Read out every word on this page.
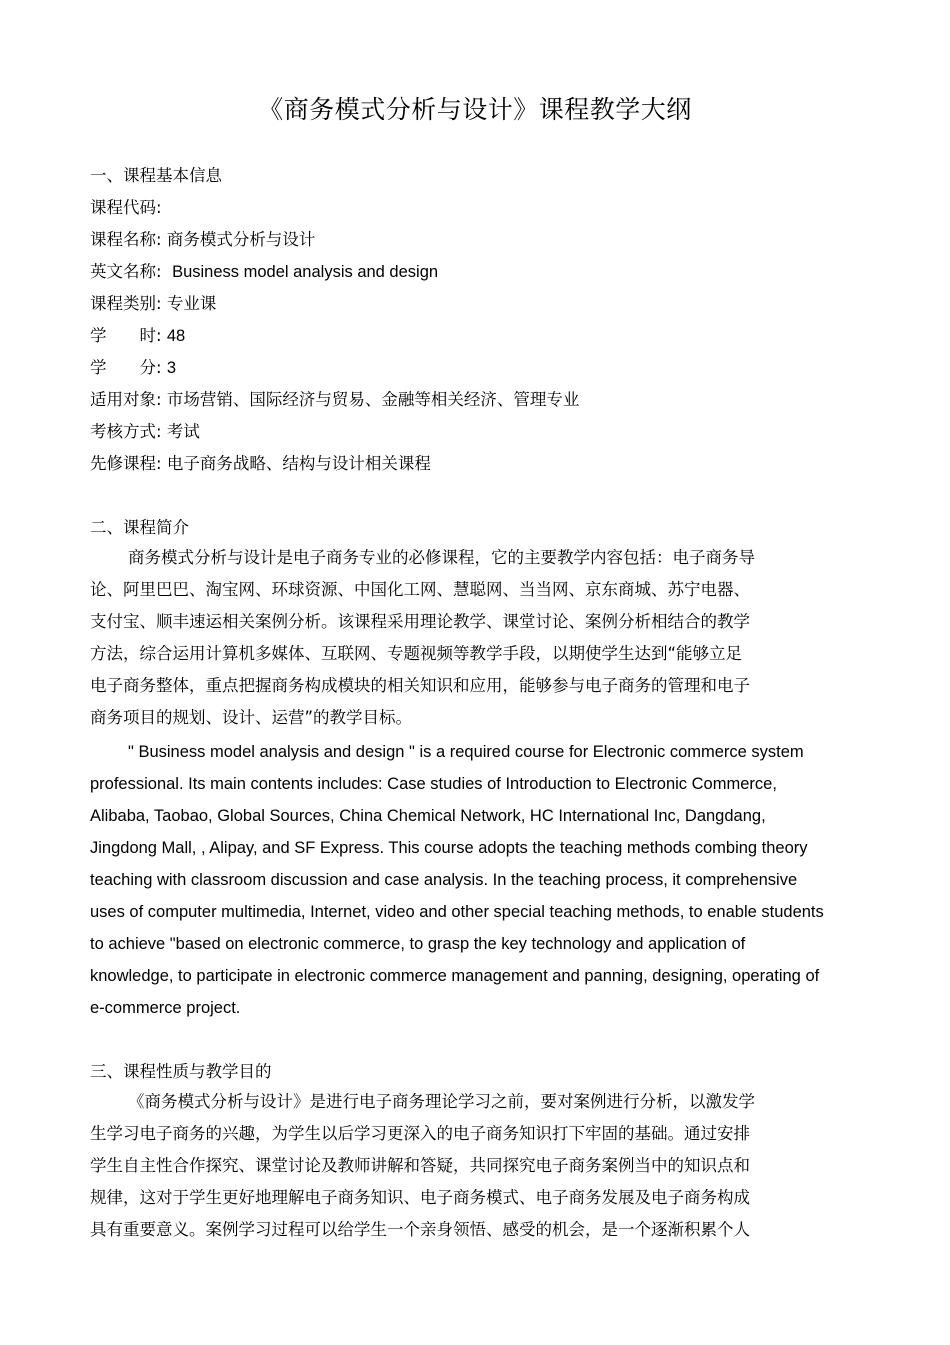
《商务模式分析与设计》课程教学大纲
一、课程基本信息
课程代码:
课程名称: 商务模式分析与设计
英文名称: Business model analysis and design
课程类别: 专业课
学　　时: 48
学　　分: 3
适用对象: 市场营销、国际经济与贸易、金融等相关经济、管理专业
考核方式: 考试
先修课程: 电子商务战略、结构与设计相关课程
二、课程简介
商务模式分析与设计是电子商务专业的必修课程，它的主要教学内容包括：电子商务导
论、阿里巴巴、淘宝网、环球资源、中国化工网、慧聪网、当当网、京东商城、苏宁电器、
支付宝、顺丰速运相关案例分析。该课程采用理论教学、课堂讨论、案例分析相结合的教学
方法，综合运用计算机多媒体、互联网、专题视频等教学手段，以期使学生达到“能够立足
电子商务整体，重点把握商务构成模块的相关知识和应用，能够参与电子商务的管理和电子
商务项目的规划、设计、运营”的教学目标。
" Business model analysis and design " is a required course for Electronic commerce system
professional. Its main contents includes: Case studies of Introduction to Electronic Commerce,
Alibaba, Taobao, Global Sources, China Chemical Network, HC International Inc, Dangdang,
Jingdong Mall, , Alipay, and SF Express. This course adopts the teaching methods combing theory
teaching with classroom discussion and case analysis. In the teaching process, it comprehensive
uses of computer multimedia, Internet, video and other special teaching methods, to enable students
to achieve "based on electronic commerce, to grasp the key technology and application of
knowledge, to participate in electronic commerce management and panning, designing, operating of
e-commerce project.
三、课程性质与教学目的
《商务模式分析与设计》是进行电子商务理论学习之前，要对案例进行分析，以激发学
生学习电子商务的兴趣，为学生以后学习更深入的电子商务知识打下牢固的基础。通过安排
学生自主性合作探究、课堂讨论及教师讲解和答疑，共同探究电子商务案例当中的知识点和
规律，这对于学生更好地理解电子商务知识、电子商务模式、电子商务发展及电子商务构成
具有重要意义。案例学习过程可以给学生一个亲身领悟、感受的机会，是一个逐渐积累个人
